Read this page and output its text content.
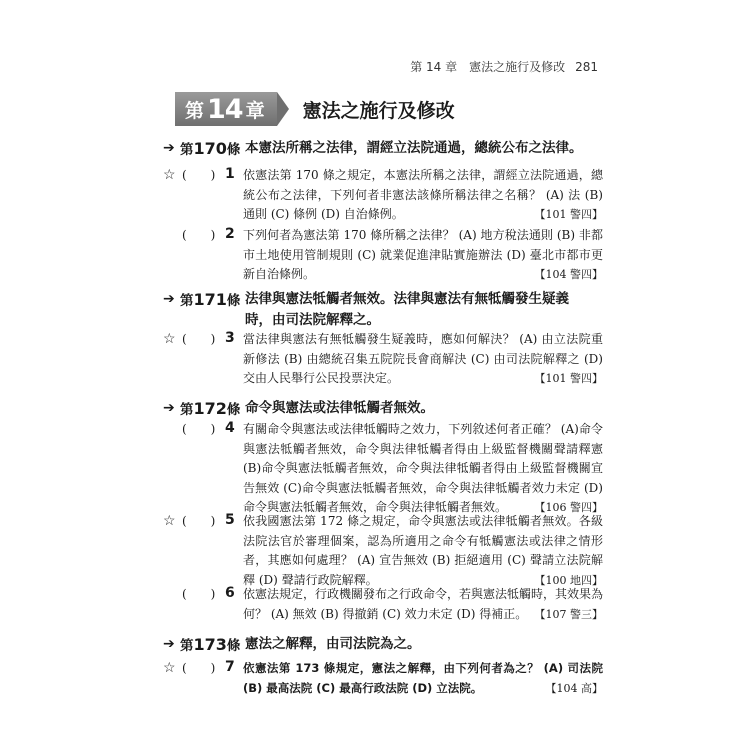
第 14 章　憲法之施行及修改 281
第 14 章 憲法之施行及修改
➔ 第170條 本憲法所稱之法律，謂經立法院通過，總統公布之法律。
☆ (　　) 1 依憲法第 170 條之規定，本憲法所稱之法律，謂經立法院通過，總統公布之法律，下列何者非憲法該條所稱法律之名稱？ (A) 法 (B) 通則 (C) 條例 (D) 自治條例。	【101 警四】
(　　) 2 下列何者為憲法第 170 條所稱之法律？ (A) 地方稅法通則 (B) 非都市土地使用管制規則 (C) 就業促進津貼實施辦法 (D) 臺北市都市更新自治條例。	【104 警四】
➔ 第171條 法律與憲法牴觸者無效。法律與憲法有無牴觸發生疑義時，由司法院解釋之。
☆ (　　) 3 當法律與憲法有無牴觸發生疑義時，應如何解決？ (A) 由立法院重新修法 (B) 由總統召集五院院長會商解決 (C) 由司法院解釋之 (D) 交由人民舉行公民投票決定。	【101 警四】
➔ 第172條 命令與憲法或法律牴觸者無效。
(　　) 4 有關命令與憲法或法律牴觸時之效力，下列敘述何者正確？ (A)命令與憲法牴觸者無效，命令與法律牴觸者得由上級監督機關聲請釋憲 (B)命令與憲法牴觸者無效，命令與法律牴觸者得由上級監督機關宣告無效 (C)命令與憲法牴觸者無效，命令與法律牴觸者效力未定 (D)命令與憲法牴觸者無效，命令與法律牴觸者無效。 【106 警四】
☆ (　　) 5 依我國憲法第 172 條之規定，命令與憲法或法律牴觸者無效。各級法院法官於審理個案，認為所適用之命令有牴觸憲法或法律之情形者，其應如何處理？ (A) 宣告無效 (B) 拒絕適用 (C) 聲請立法院解釋 (D) 聲請行政院解釋。	【100 地四】
(　　) 6 依憲法規定，行政機關發布之行政命令，若與憲法牴觸時，其效果為何？ (A) 無效 (B) 得撤銷 (C) 效力未定 (D) 得補正。 【107 警三】
➔ 第173條 憲法之解釋，由司法院為之。
☆ (　　) 7 依憲法第 173 條規定，憲法之解釋，由下列何者為之？ (A) 司法院 (B) 最高法院 (C) 最高行政法院 (D) 立法院。	【104 高】
